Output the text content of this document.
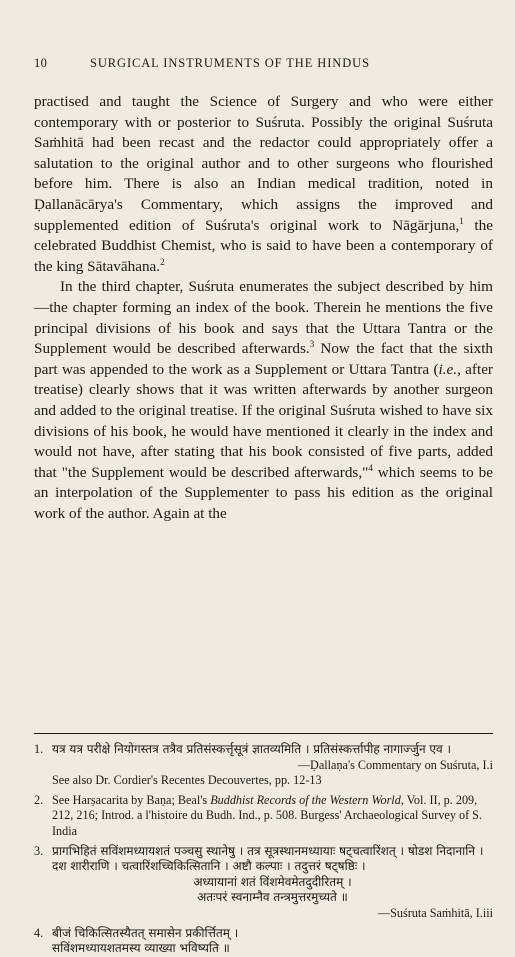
10	SURGICAL INSTRUMENTS OF THE HINDUS

practised and taught the Science of Surgery and who were either contemporary with or posterior to Suśruta. Possibly the original Suśruta Saṁhitā had been recast and the redactor could appropriately offer a salutation to the original author and to other surgeons who flourished before him. There is also an Indian medical tradition, noted in Ḍallanācārya's Commentary, which assigns the improved and supplemented edition of Suśruta's original work to Nāgārjuna,$^1$ the celebrated Buddhist Chemist, who is said to have been a contemporary of the king Sātavāhana.$^2$

In the third chapter, Suśruta enumerates the subject described by him—the chapter forming an index of the book. Therein he mentions the five principal divisions of his book and says that the Uttara Tantra or the Supplement would be described afterwards.$^3$ Now the fact that the sixth part was appended to the work as a Supplement or Uttara Tantra (i.e., after treatise) clearly shows that it was written afterwards by another surgeon and added to the original treatise. If the original Suśruta wished to have six divisions of his book, he would have mentioned it clearly in the index and would not have, after stating that his book consisted of five parts, added that "the Supplement would be described afterwards,"$^4$ which seems to be an interpolation of the Supplementer to pass his edition as the original work of the author. Again at the

1. यत्र यत्र परीक्षे नियोगस्तत्र तत्रैव प्रतिसंस्कर्त्तृसूत्रं ज्ञातव्यमिति । प्रतिसंस्कर्त्तापीह नागार्ज्जुन एव ।
—Ḍallaṇa's Commentary on Suśruta, I.i
See also Dr. Cordier's Recentes Decouvertes, pp. 12-13
2. See Harṣacarita by Baṇa; Beal's Buddhist Records of the Western World, Vol. II, p. 209, 212, 216; Introd. a l'histoire du Budh. Ind., p. 508. Burgess' Archaeological Survey of S. India
3. प्रागभिहितं सविंशमध्यायशतं पञ्चसु स्थानेषु । तत्र सूत्रस्थानमध्यायाः षट्चत्वारिंशत् । षोडश निदानानि । दश शारीराणि । चत्वारिंशच्चिकित्सितानि । अष्टौ कल्पाः । तदुत्तरं षट्षष्ठिः ।
अध्यायानां शतं विंशमेवमेतदुदीरितम् ।
अतःपरं स्वनाम्नैव तन्त्रमुत्तरमुच्यते ॥
—Suśruta Saṁhitā, I.iii
4. बीजं चिकित्सितस्यैतत् समासेन प्रकीर्त्तितम् ।
सविंशमध्यायशतमस्य व्याख्या भविष्यति ॥
